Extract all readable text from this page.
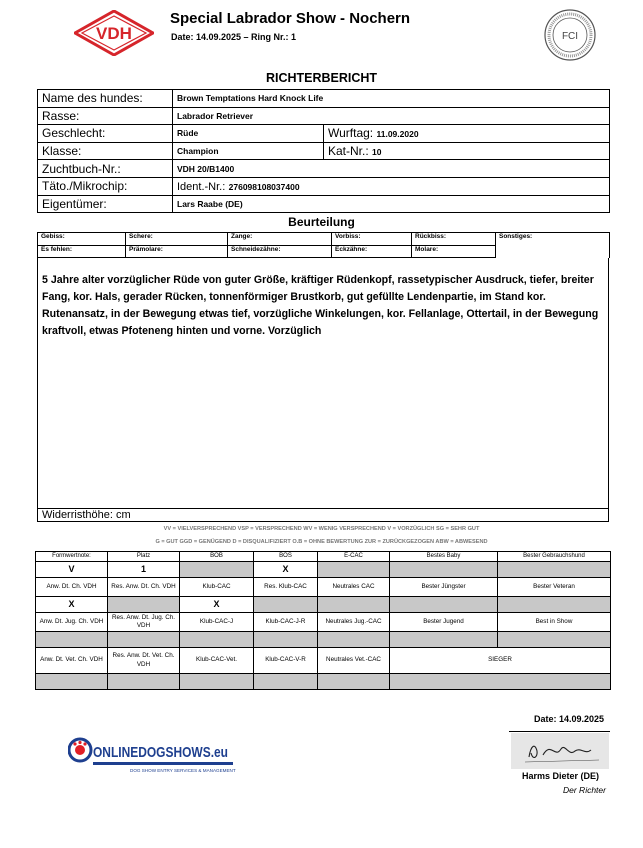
VDH
Special Labrador Show - Nochern
Date: 14.09.2025 – Ring Nr.: 1	FCI
RICHTERBERICHT
Name des hundes:	Brown Temptations Hard Knock Life	
Rasse:	Labrador Retriever	
Geschlecht:	Rüde	Wurftag: 11.09.2020
Klasse:	Champion	Kat-Nr.: 10
Zuchtbuch-Nr.:	VDH 20/B1400	
Täto./Mikrochip:	Ident.-Nr.: 276098108037400	
Eigentümer:	Lars Raabe (DE)	
Beurteilung
Gebiss:	Schere:	Zange:	Vorbiss:	Rückbiss:	Sonstiges:
Es fehlen:	Prämolare:	Schneidezähne:	Eckzähne:	Molare:	
5 Jahre alter vorzüglicher Rüde von guter Größe, kräftiger Rüdenkopf, rassetypischer Ausdruck, tiefer, breiter Fang, kor. Hals, gerader Rücken, tonnenförmiger Brustkorb, gut gefüllte Lendenpartie, im Stand kor. Rutenansatz, in der Bewegung etwas tief, vorzügliche Winkelungen, kor. Fellanlage, Ottertail, in der Bewegung kraftvoll, etwas Pfoteneng hinten und vorne. Vorzüglich
Widerristhöhe: cm
VV = VIELVERSPRECHEND VSP = VERSPRECHEND WV = WENIG VERSPRECHEND V = VORZÜGLICH SG = SEHR GUT
G = GUT GGD = GENÜGEND D = DISQUALIFIZIERT O.B = OHNE BEWERTUNG ZUR = ZURÜCKGEZOGEN ABW = ABWESEND
Formwertnote:	Platz	BOB	BOS	E-CAC	Bestes Baby	Bester Gebrauchshund
V	1		X			
Anw. Dt. Ch. VDH	Res. Anw. Dt. Ch. VDH	Klub-CAC	Res. Klub-CAC	Neutrales CAC	Bester Jüngster	Bester Veteran
X		X				
Anw. Dt. Jug. Ch. VDH	Res. Anw. Dt. Jug. Ch. VDH	Klub-CAC-J	Klub-CAC-J-R	Neutrales Jug.-CAC	Bester Jugend	Best in Show

Anw. Dt. Vet. Ch. VDH	Res. Anw. Dt. Vet. Ch. VDH	Klub-CAC-Vet.	Klub-CAC-V-R	Neutrales Vet.-CAC	SIEGER	

Date: 14.09.2025
Harms Dieter (DE)
Der Richter
ONLINEDOGSHOWS.eu
DOG SHOW ENTRY SERVICES & MANAGEMENT
